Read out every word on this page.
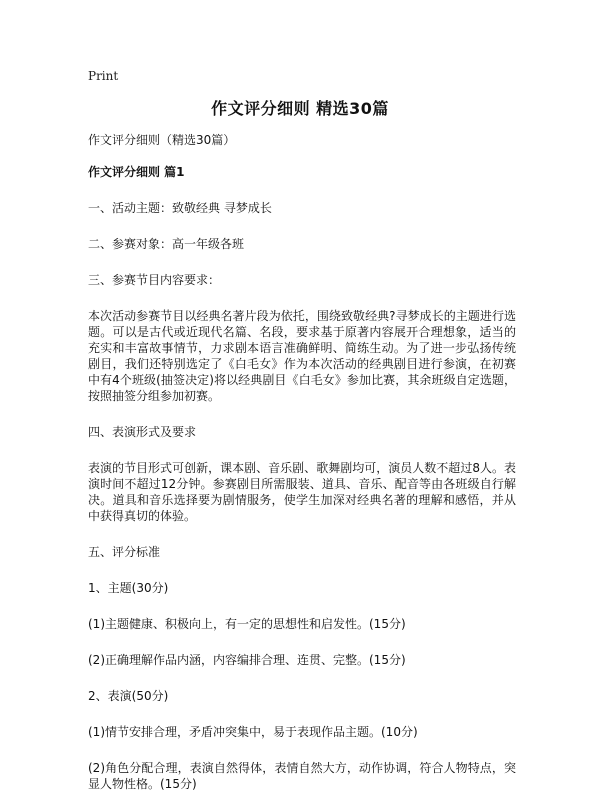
Print
作文评分细则 精选30篇

作文评分细则（精选30篇）

作文评分细则 篇1

一、活动主题：致敬经典 寻梦成长

二、参赛对象：高一年级各班

三、参赛节目内容要求：

本次活动参赛节目以经典名著片段为依托，围绕致敬经典?寻梦成长的主题进行选题。可以是古代或近现代名篇、名段，要求基于原著内容展开合理想象，适当的充实和丰富故事情节，力求剧本语言准确鲜明、简练生动。为了进一步弘扬传统剧目，我们还特别选定了《白毛女》作为本次活动的经典剧目进行参演，在初赛中有4个班级(抽签决定)将以经典剧目《白毛女》参加比赛，其余班级自定选题，按照抽签分组参加初赛。

四、表演形式及要求

表演的节目形式可创新，课本剧、音乐剧、歌舞剧均可，演员人数不超过8人。表演时间不超过12分钟。参赛剧目所需服装、道具、音乐、配音等由各班级自行解决。道具和音乐选择要为剧情服务，使学生加深对经典名著的理解和感悟，并从中获得真切的体验。

五、评分标准

1、主题(30分)

(1)主题健康、积极向上，有一定的思想性和启发性。(15分)

(2)正确理解作品内涵，内容编排合理、连贯、完整。(15分)

2、表演(50分)

(1)情节安排合理，矛盾冲突集中，易于表现作品主题。(10分)

(2)角色分配合理，表演自然得体，表情自然大方，动作协调，符合人物特点，突显人物性格。(15分)
